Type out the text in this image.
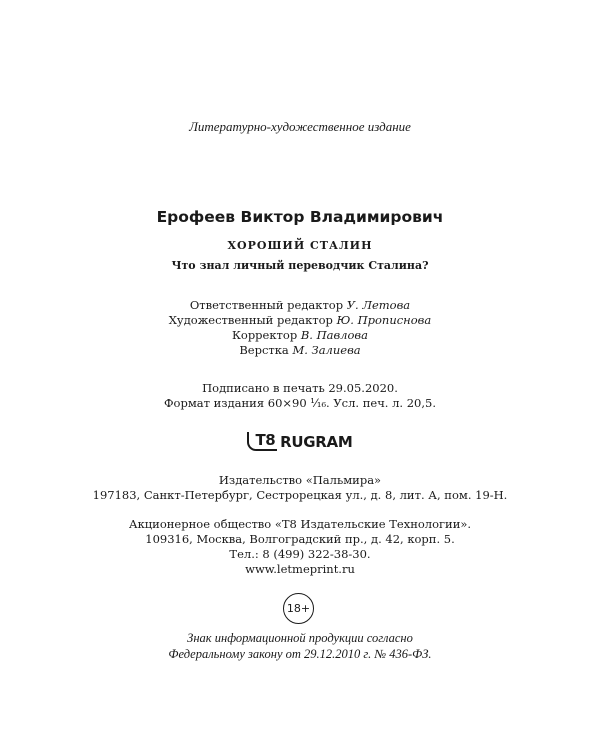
Литературно-художественное издание
Ерофеев Виктор Владимирович
ХОРОШИЙ СТАЛИН
Что знал личный переводчик Сталина?
Ответственный редактор У. Летова
Художественный редактор Ю. Прописнова
Корректор В. Павлова
Верстка М. Залиева
Подписано в печать 29.05.2020.
Формат издания 60×90 ¹⁄₁₆. Усл. печ. л. 20,5.
T8 RUGRAM
Издательство «Пальмира»
197183, Санкт-Петербург, Сестрорецкая ул., д. 8, лит. А, пом. 19-Н.
Акционерное общество «Т8 Издательские Технологии».
109316, Москва, Волгоградский пр., д. 42, корп. 5.
Тел.: 8 (499) 322-38-30.
www.letmeprint.ru
18+
Знак информационной продукции согласно
Федеральному закону от 29.12.2010 г. № 436-ФЗ.
